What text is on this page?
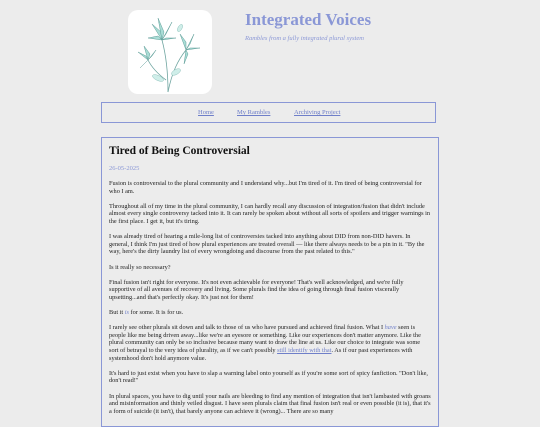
Integrated Voices

Rambles from a fully integrated plural system

Home	My Rambles	Archiving Project
Tired of Being Controversial
26-05-2025

Fusion is controversial to the plural community and I understand why...but I'm tired of it. I'm tired of being controversial for who I am.

Throughout all of my time in the plural community, I can hardly recall any discussion of integration/fusion that didn't include almost every single controversy tacked into it. It can rarely be spoken about without all sorts of spoilers and trigger warnings in the first place. I get it, but it's tiring.

I was already tired of hearing a mile-long list of controversies tacked into anything about DID from non-DID havers. In general, I think I'm just tired of how plural experiences are treated overall — like there always needs to be a pin in it. "By the way, here's the dirty laundry list of every wrongdoing and discourse from the past related to this."

Is it really so necessary?

Final fusion isn't right for everyone. It's not even achievable for everyone! That's well acknowledged, and we're fully supportive of all avenues of recovery and living. Some plurals find the idea of going through final fusion viscerally upsetting...and that's perfectly okay. It's just not for them!

But it is for some. It is for us.

I rarely see other plurals sit down and talk to those of us who have pursued and achieved final fusion. What I have seen is people like me being driven away...like we're an eyesore or something. Like our experiences don't matter anymore. Like the plural community can only be so inclusive because many want to draw the line at us. Like our choice to integrate was some sort of betrayal to the very idea of plurality, as if we can't possibly still identify with that. As if our past experiences with systemhood don't hold anymore value.

It's hard to just exist when you have to slap a warning label onto yourself as if you're some sort of spicy fanfiction. "Don't like, don't read!"

In plural spaces, you have to dig until your nails are bleeding to find any mention of integration that isn't lambasted with groans and misinformation and thinly veiled disgust. I have seen plurals claim that final fusion isn't real or even possible (it is), that it's a form of suicide (it isn't), that barely anyone can achieve it (wrong)... There are so many
